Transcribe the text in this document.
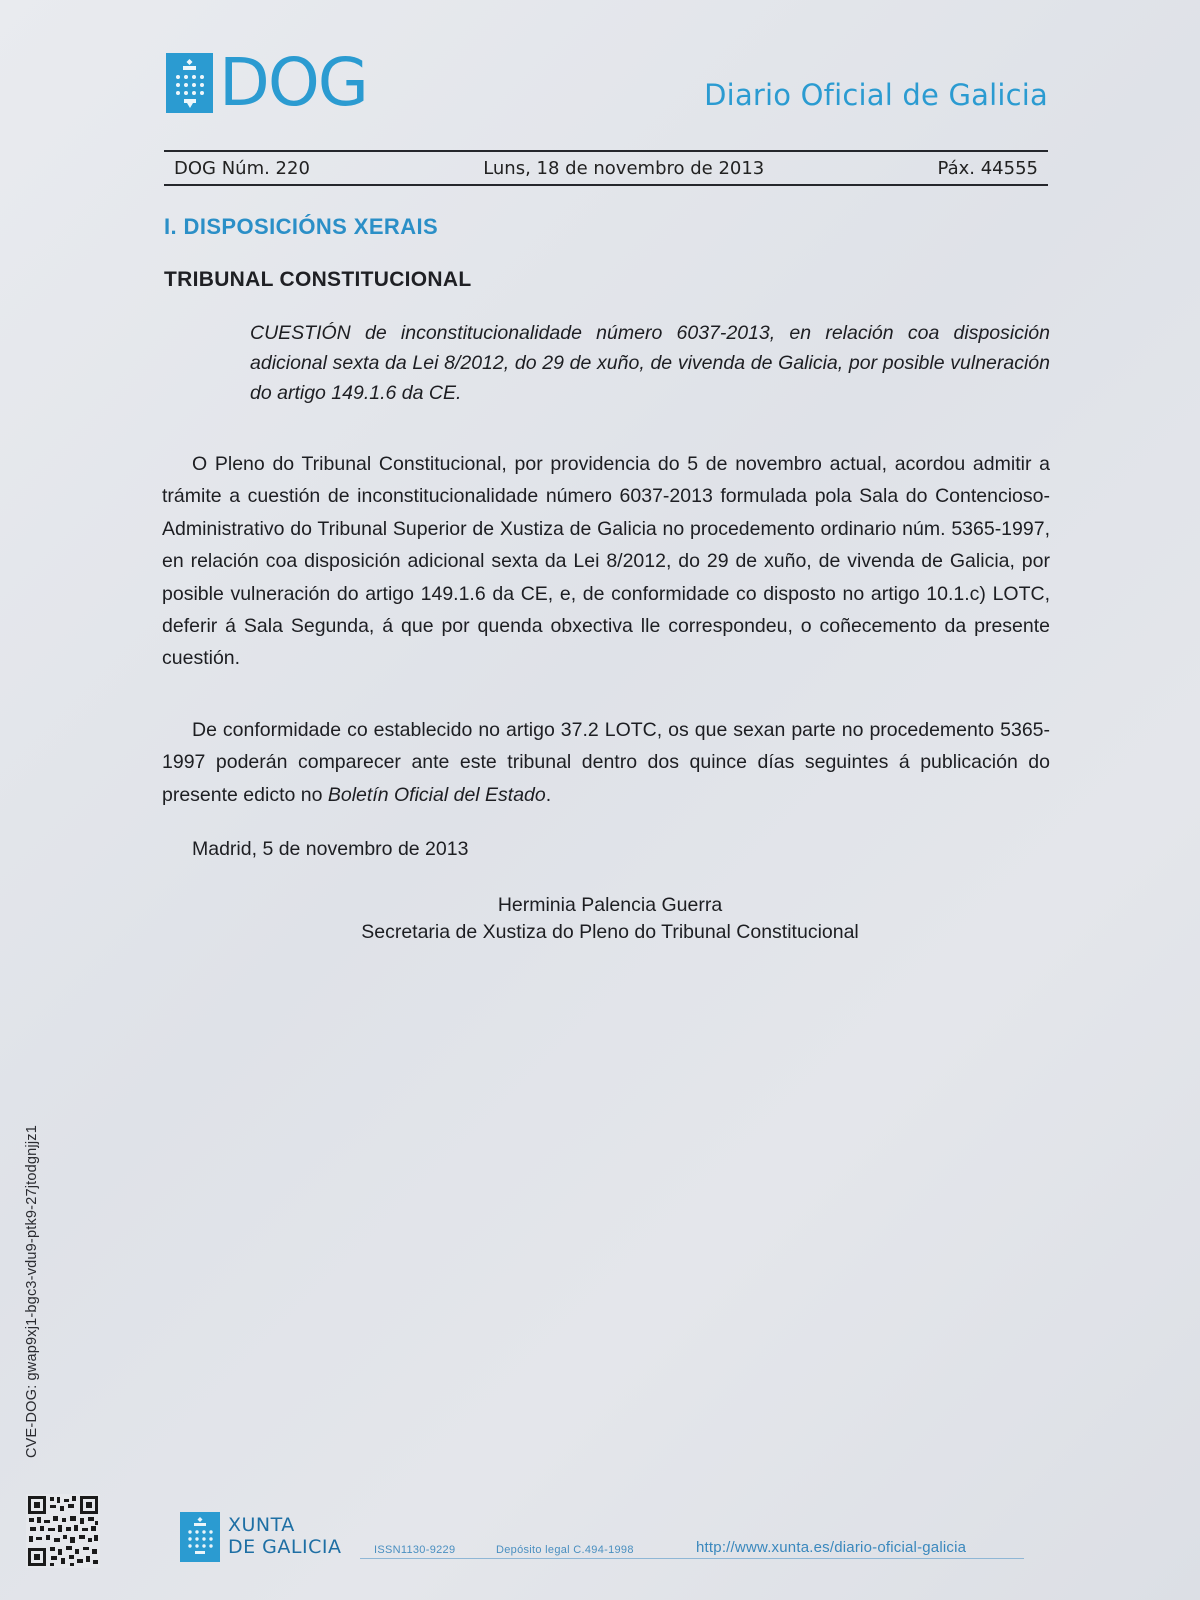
DOG	Diario Oficial de Galicia
DOG Núm. 220	Luns, 18 de novembro de 2013	Páx. 44555
I. DISPOSICIÓNS XERAIS
TRIBUNAL CONSTITUCIONAL

CUESTIÓN de inconstitucionalidade número 6037-2013, en relación coa disposición adicional sexta da Lei 8/2012, do 29 de xuño, de vivenda de Galicia, por posible vulneración do artigo 149.1.6 da CE.

O Pleno do Tribunal Constitucional, por providencia do 5 de novembro actual, acordou admitir a trámite a cuestión de inconstitucionalidade número 6037-2013 formulada pola Sala do Contencioso-Administrativo do Tribunal Superior de Xustiza de Galicia no procedemento ordinario núm. 5365-1997, en relación coa disposición adicional sexta da Lei 8/2012, do 29 de xuño, de vivenda de Galicia, por posible vulneración do artigo 149.1.6 da CE, e, de conformidade co disposto no artigo 10.1.c) LOTC, deferir á Sala Segunda, á que por quenda obxectiva lle correspondeu, o coñecemento da presente cuestión.

De conformidade co establecido no artigo 37.2 LOTC, os que sexan parte no procedemento 5365-1997 poderán comparecer ante este tribunal dentro dos quince días seguintes á publicación do presente edicto no Boletín Oficial del Estado.

Madrid, 5 de novembro de 2013
Herminia Palencia Guerra
Secretaria de Xustiza do Pleno do Tribunal Constitucional
CVE-DOG: gwap9xj1-bgc3-vdu9-ptk9-27jtodgnjjz1
XUNTA
DE GALICIA	ISSN1130-9229	Depósito legal C.494-1998	http://www.xunta.es/diario-oficial-galicia
